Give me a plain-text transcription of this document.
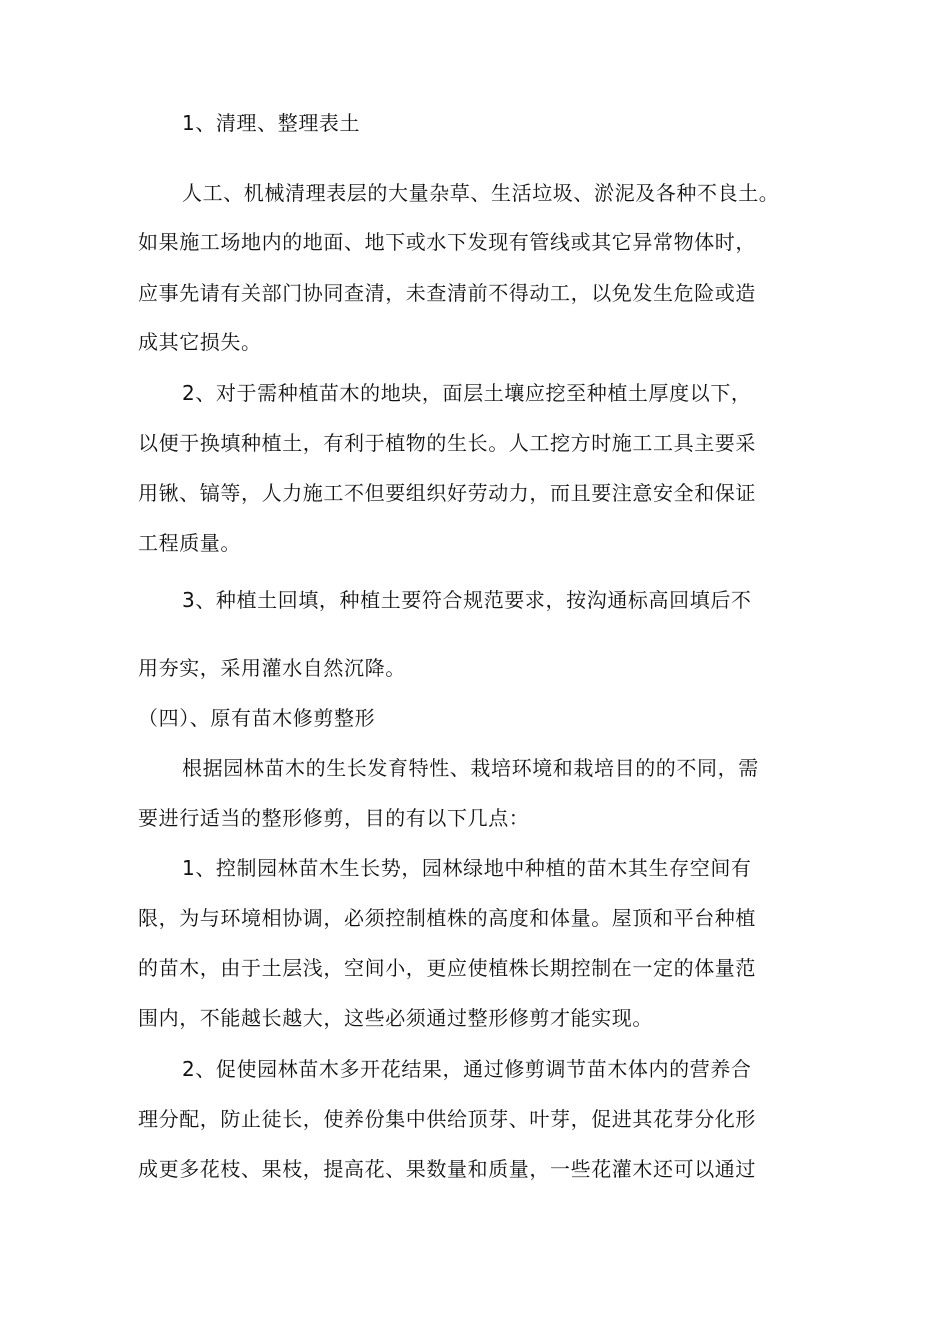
1、清理、整理表土
人工、机械清理表层的大量杂草、生活垃圾、淤泥及各种不良土。
如果施工场地内的地面、地下或水下发现有管线或其它异常物体时，
应事先请有关部门协同查清，未查清前不得动工，以免发生危险或造
成其它损失。
2、对于需种植苗木的地块，面层土壤应挖至种植土厚度以下，
以便于换填种植土，有利于植物的生长。人工挖方时施工工具主要采
用锹、镐等，人力施工不但要组织好劳动力，而且要注意安全和保证
工程质量。
3、种植土回填，种植土要符合规范要求，按沟通标高回填后不
用夯实，采用灌水自然沉降。
（四）、原有苗木修剪整形
根据园林苗木的生长发育特性、栽培环境和栽培目的的不同，需
要进行适当的整形修剪，目的有以下几点：
1、控制园林苗木生长势，园林绿地中种植的苗木其生存空间有
限，为与环境相协调，必须控制植株的高度和体量。屋顶和平台种植
的苗木，由于土层浅，空间小，更应使植株长期控制在一定的体量范
围内，不能越长越大，这些必须通过整形修剪才能实现。
2、促使园林苗木多开花结果，通过修剪调节苗木体内的营养合
理分配，防止徒长，使养份集中供给顶芽、叶芽，促进其花芽分化形
成更多花枝、果枝，提高花、果数量和质量，一些花灌木还可以通过
